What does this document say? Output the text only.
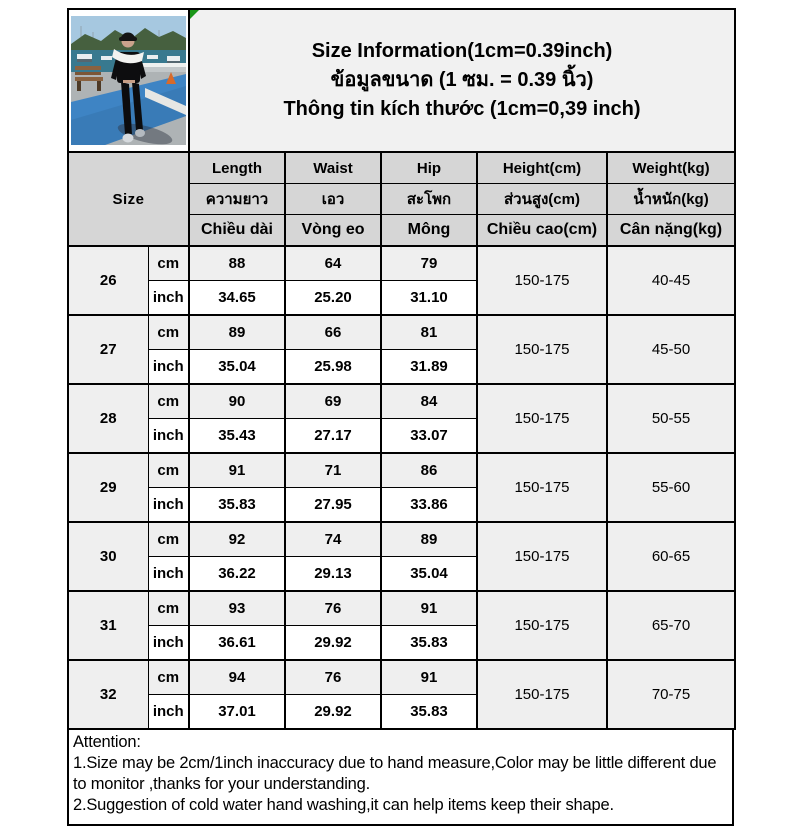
Size Information(1cm=0.39inch)
ข้อมูลขนาด (1 ซม. = 0.39 นิ้ว)
Thông tin kích thước (1cm=0,39 inch)				

Size		Length	Waist	Hip	Height(cm)	Weight(kg)
		ความยาว	เอว	สะโพก	ส่วนสูง(cm)	น้ำหนัก(kg)
		Chiều dài	Vòng eo	Mông	Chiều cao(cm)	Cân nặng(kg)
26	cm	88	64	79	150-175	40-45
	inch	34.65	25.20	31.10		
27	cm	89	66	81	150-175	45-50
	inch	35.04	25.98	31.89		
28	cm	90	69	84	150-175	50-55
	inch	35.43	27.17	33.07		
29	cm	91	71	86	150-175	55-60
	inch	35.83	27.95	33.86		
30	cm	92	74	89	150-175	60-65
	inch	36.22	29.13	35.04		
31	cm	93	76	91	150-175	65-70
	inch	36.61	29.92	35.83		
32	cm	94	76	91	150-175	70-75
	inch	37.01	29.92	35.83		
Attention:
1.Size may be 2cm/1inch inaccuracy due to hand measure,Color may be little different due to monitor ,thanks for your understanding.
2.Suggestion of cold water hand washing,it can help items keep their shape.
